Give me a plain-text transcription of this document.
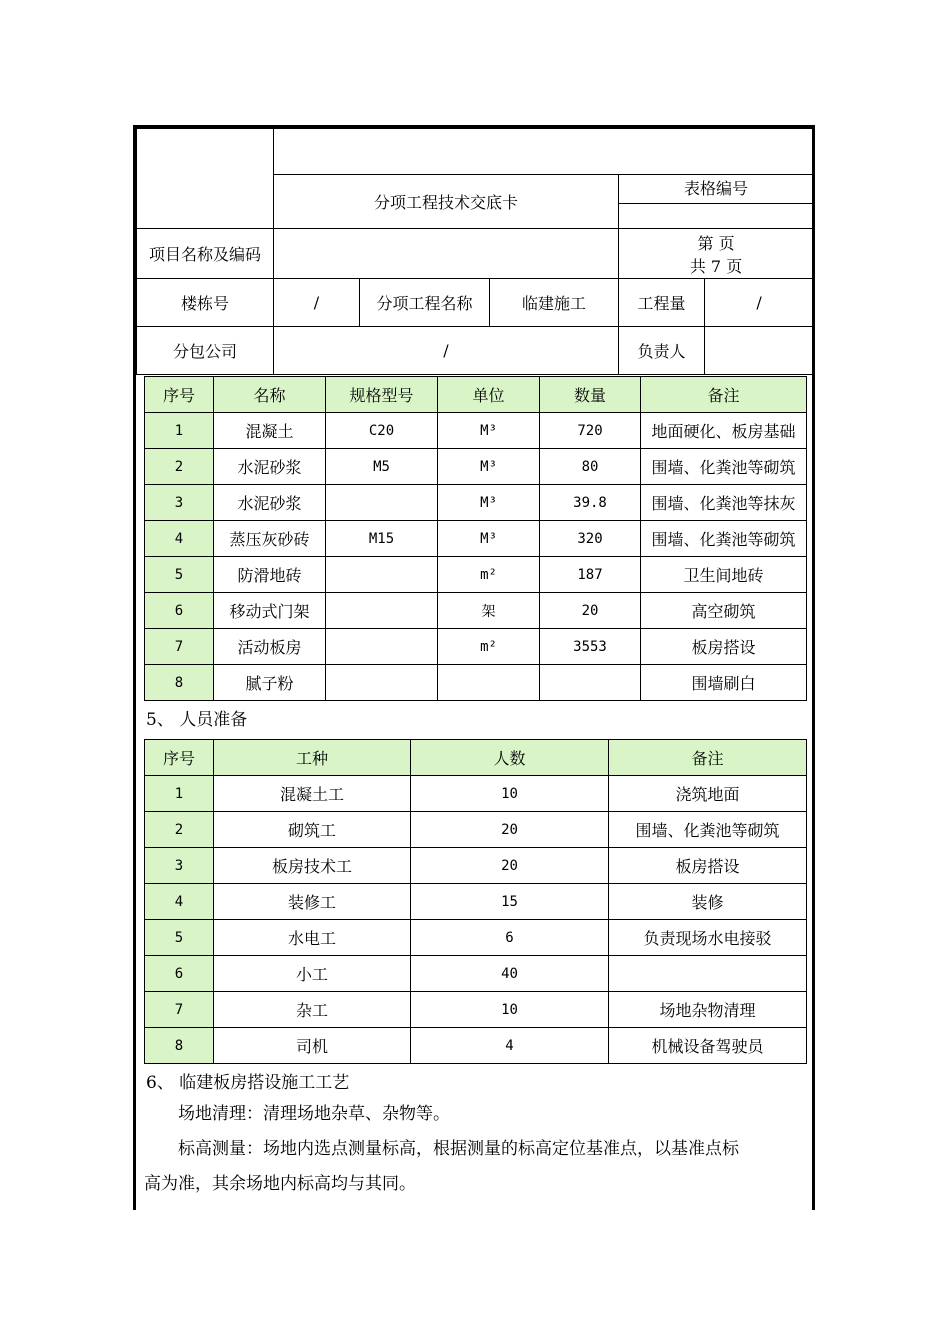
	分项工程技术交底卡			表格编号	

项目名称及编码				第 页
共 7 页	

楼栋号	/	分项工程名称	临建施工	工程量	/
分包公司	/			负责人	
序号	名称	规格型号	单位	数量	备注
1	混凝土	C20	M³	720	地面硬化、板房基础
2	水泥砂浆	M5	M³	80	围墙、化粪池等砌筑
3	水泥砂浆		M³	39.8	围墙、化粪池等抹灰
4	蒸压灰砂砖	M15	M³	320	围墙、化粪池等砌筑
5	防滑地砖		m²	187	卫生间地砖
6	移动式门架		架	20	高空砌筑
7	活动板房		m²	3553	板房搭设
8	腻子粉				围墙刷白
5、 人员准备
序号	工种	人数	备注
1	混凝土工	10	浇筑地面
2	砌筑工	20	围墙、化粪池等砌筑
3	板房技术工	20	板房搭设
4	装修工	15	装修
5	水电工	6	负责现场水电接驳
6	小工	40	
7	杂工	10	场地杂物清理
8	司机	4	机械设备驾驶员
6、 临建板房搭设施工工艺
场地清理：清理场地杂草、杂物等。
标高测量：场地内选点测量标高，根据测量的标高定位基准点，以基准点标
高为准，其余场地内标高均与其同。
